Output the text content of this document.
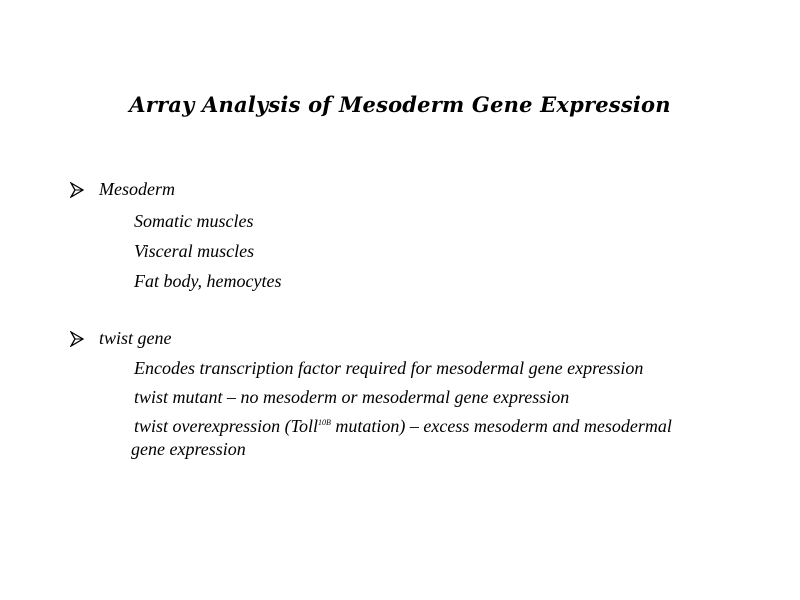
Array Analysis of Mesoderm Gene Expression
Mesoderm
Somatic muscles
Visceral muscles
Fat body, hemocytes
twist gene
Encodes transcription factor required for mesodermal gene expression
twist mutant – no mesoderm or mesodermal gene expression
twist overexpression (Toll$^{10B}$ mutation) – excess mesoderm and mesodermal
gene expression
